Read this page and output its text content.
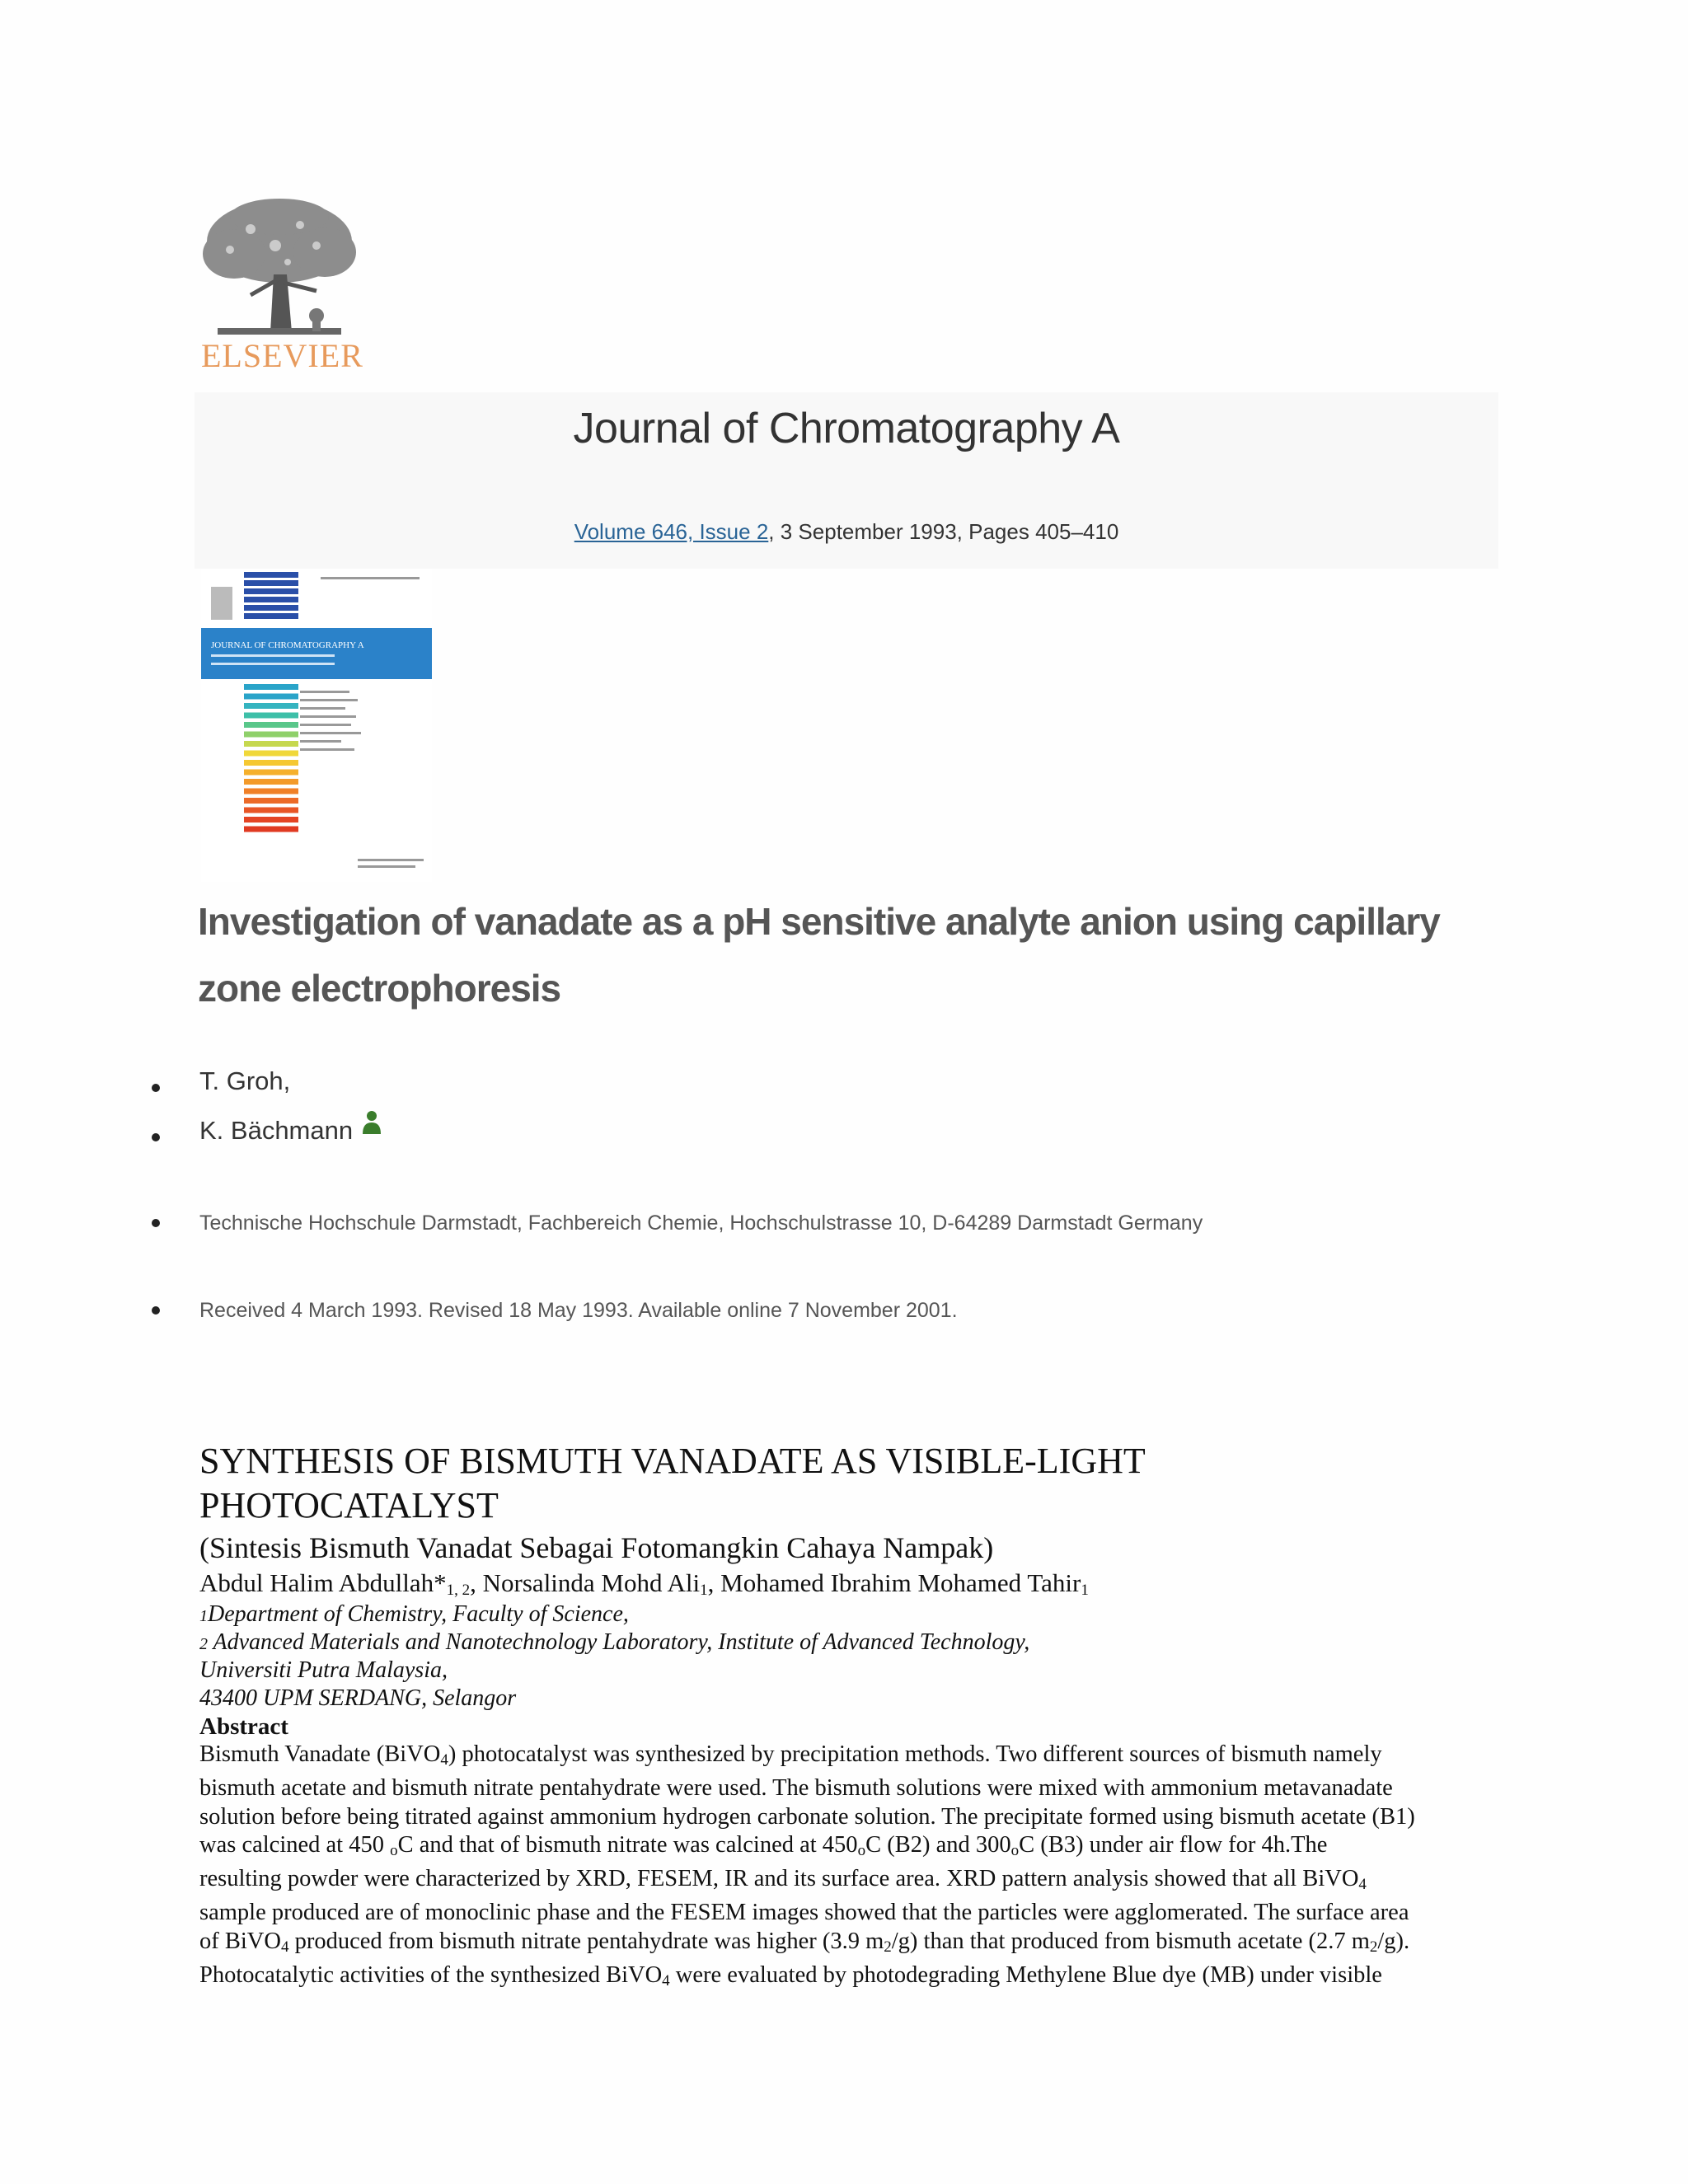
ELSEVIER
Journal of Chromatography A
Volume 646, Issue 2, 3 September 1993, Pages 405–410
JOURNAL OF CHROMATOGRAPHY A
Investigation of vanadate as a pH sensitive analyte anion using capillary zone electrophoresis
T. Groh,
K. Bächmann
Technische Hochschule Darmstadt, Fachbereich Chemie, Hochschulstrasse 10, D-64289 Darmstadt Germany
Received 4 March 1993. Revised 18 May 1993. Available online 7 November 2001.
SYNTHESIS OF BISMUTH VANADATE AS VISIBLE-LIGHT
PHOTOCATALYST
(Sintesis Bismuth Vanadat Sebagai Fotomangkin Cahaya Nampak)
Abdul Halim $Abdullah*_{1, 2}$, Norsalinda Mohd Ali$_1$, Mohamed Ibrahim Mohamed Tahir$_1$
1Department of Chemistry, Faculty of Science,
2 Advanced Materials and Nanotechnology Laboratory, Institute of Advanced Technology,
Universiti Putra Malaysia,
43400 UPM SERDANG, Selangor
Abstract
Bismuth Vanadate (BiVO$_4$) photocatalyst was synthesized by precipitation methods. Two different sources of bismuth namely
bismuth acetate and bismuth nitrate pentahydrate were used. The bismuth solutions were mixed with ammonium metavanadate
solution before being titrated against ammonium hydrogen carbonate solution. The precipitate formed using bismuth acetate (B1)
was calcined at 450 $_o$C and that of bismuth nitrate was calcined at $450_oC$ (B2) and $300_oC$ (B3) under air flow for 4h.The
resulting powder were characterized by XRD, FESEM, IR and its surface area. XRD pattern analysis showed that all BiVO$_4$
sample produced are of monoclinic phase and the FESEM images showed that the particles were agglomerated. The surface area
of BiVO$_4$ produced from bismuth nitrate pentahydrate was higher (3.9 $m_2/g$) than that produced from bismuth acetate (2.7 $m_2/g$).
Photocatalytic activities of the synthesized BiVO$_4$ were evaluated by photodegrading Methylene Blue dye (MB) under visible
